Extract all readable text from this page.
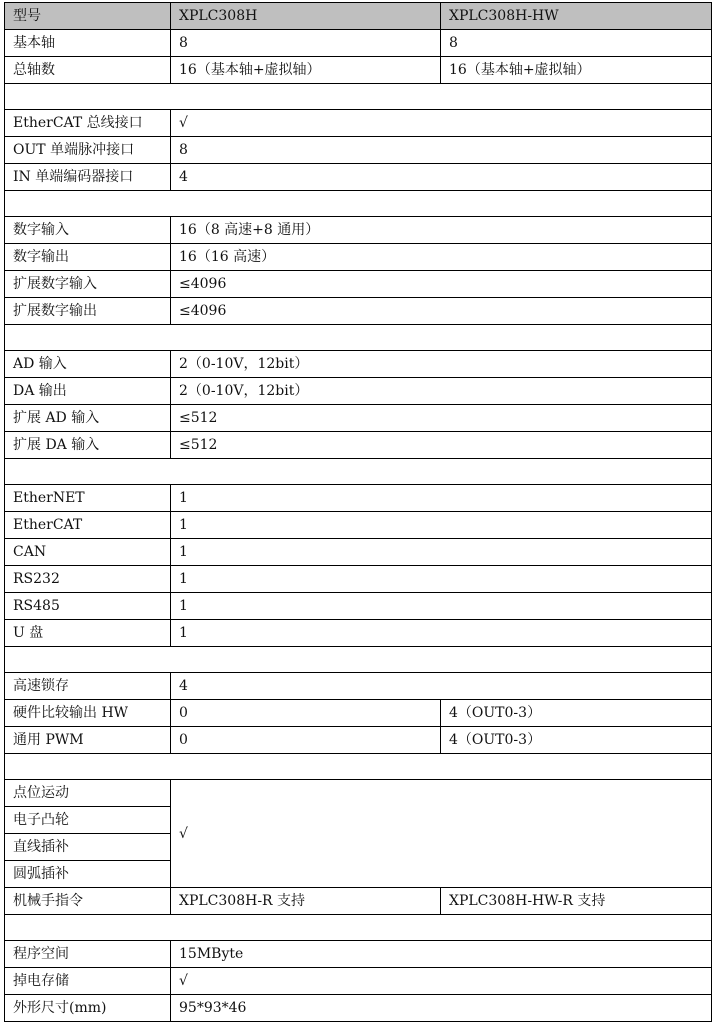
型号	XPLC308H	XPLC308H-HW
基本轴	8	8
总轴数	16（基本轴+虚拟轴）	16（基本轴+虚拟轴）

EtherCAT 总线接口	√	
OUT 单端脉冲接口	8	
IN 单端编码器接口	4	

数字输入	16（8 高速+8 通用）	
数字输出	16（16 高速）	
扩展数字输入	≤4096	
扩展数字输出	≤4096	

AD 输入	2（0-10V，12bit）	
DA 输出	2（0-10V，12bit）	
扩展 AD 输入	≤512	
扩展 DA 输入	≤512	

EtherNET	1	
EtherCAT	1	
CAN	1	
RS232	1	
RS485	1	
U 盘	1	

高速锁存	4	
硬件比较输出 HW	0	4（OUT0-3）
通用 PWM	0	4（OUT0-3）

点位运动	√	
电子凸轮		
直线插补		
圆弧插补		
机械手指令	XPLC308H-R 支持	XPLC308H-HW-R 支持

程序空间	15MByte	
掉电存储	√	
外形尺寸(mm)	95*93*46	
